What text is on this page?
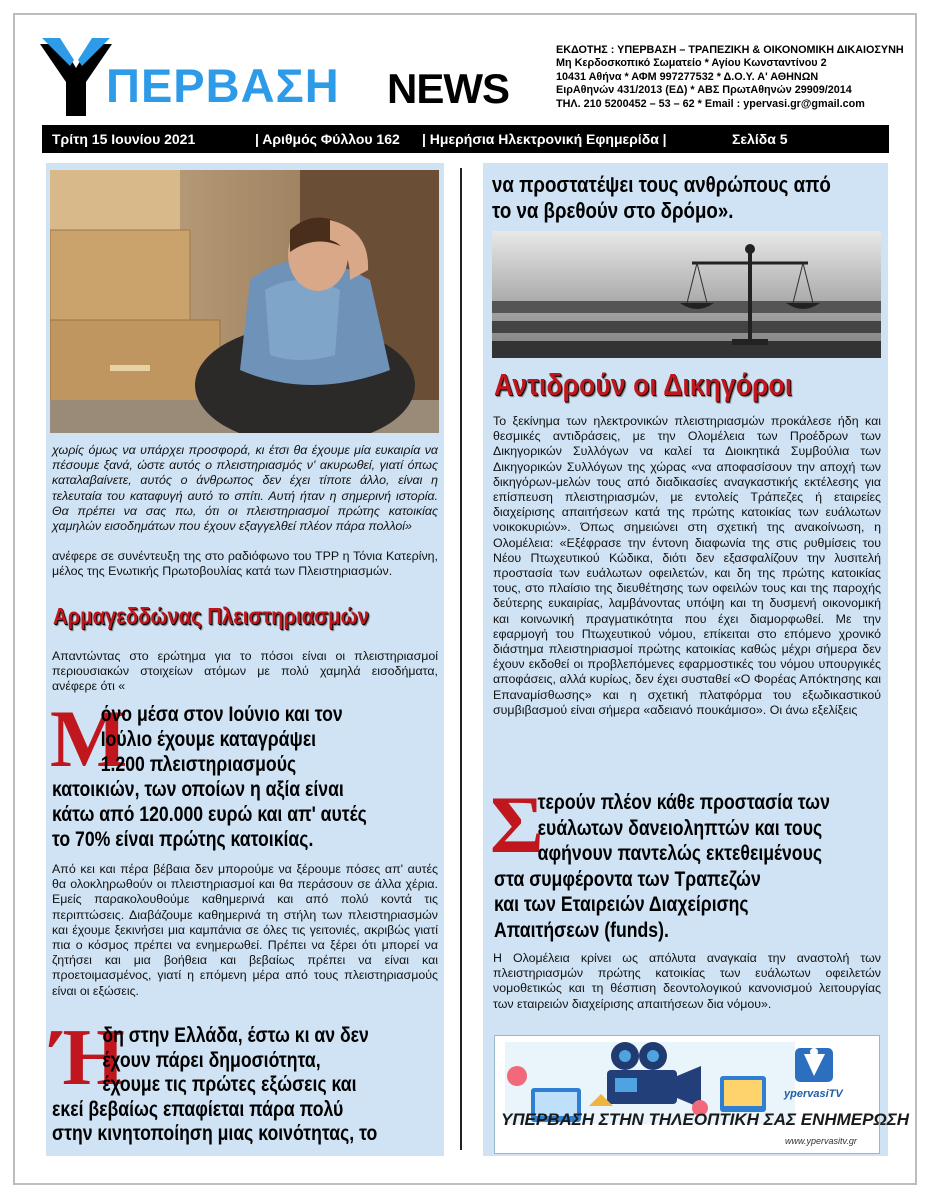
ΠΕΡΒΑΣΗ NEWS
ΕΚΔΟΤΗΣ : ΥΠΕΡΒΑΣΗ – ΤΡΑΠΕΖΙΚΗ & ΟΙΚΟΝΟΜΙΚΗ ΔΙΚΑΙΟΣΥΝΗ
Μη Κερδοσκοπικό Σωματείο * Αγίου Κωνσταντίνου 2
10431 Αθήνα * ΑΦΜ 997277532 * Δ.Ο.Υ. Α' ΑΘΗΝΩΝ
ΕιρΑθηνών 431/2013 (ΕΔ) * ΑΒΣ ΠρωτΑθηνών 29909/2014
ΤΗΛ. 210 5200452 – 53 – 62 * Email : ypervasi.gr@gmail.com
Τρίτη 15 Ιουνίου 2021	| Αριθμός Φύλλου 162 | Ημερήσια Ηλεκτρονική Εφημερίδα |	Σελίδα 5
χωρίς όμως να υπάρχει προσφορά, κι έτσι θα έχουμε μία ευκαιρία να πέσουμε ξανά, ώστε αυτός ο πλειστηριασμός ν' ακυρωθεί, γιατί όπως καταλαβαίνετε, αυτός ο άνθρωπος δεν έχει τίποτε άλλο, είναι η τελευταία του καταφυγή αυτό το σπίτι. Αυτή ήταν η σημερινή ιστορία. Θα πρέπει να σας πω, ότι οι πλειστηριασμοί πρώτης κατοικίας χαμηλών εισοδημάτων που έχουν εξαγγελθεί πλέον πάρα πολλοί»
ανέφερε σε συνέντευξη της στο ραδιόφωνο του ΤΡΡ η Τόνια Κατερίνη, μέλος της Ενωτικής Πρωτοβουλίας κατά των Πλειστηριασμών.
Αρμαγεδδώνας Πλειστηριασμών
Απαντώντας στο ερώτημα για το πόσοι είναι οι πλειστηριασμοί περιουσιακών στοιχείων ατόμων με πολύ χαμηλά εισοδήματα, ανέφερε ότι «
Μ
όνο μέσα στον Ιούνιο και τον
Ιούλιο έχουμε καταγράψει
1.200 πλειστηριασμούς
κατοικιών, των οποίων η αξία είναι
κάτω από 120.000 ευρώ και απ' αυτές
το 70% είναι πρώτης κατοικίας.
Από κει και πέρα βέβαια δεν μπορούμε να ξέρουμε πόσες απ' αυτές θα ολοκληρωθούν οι πλειστηριασμοί και θα περάσουν σε άλλα χέρια. Εμείς παρακολουθούμε καθημερινά και από πολύ κοντά τις περιπτώσεις. Διαβάζουμε καθημερινά τη στήλη των πλειστηριασμών και έχουμε ξεκινήσει μια καμπάνια σε όλες τις γειτονιές, ακριβώς γιατί πια ο κόσμος πρέπει να ενημερωθεί. Πρέπει να ξέρει ότι μπορεί να ζητήσει και μια βοήθεια και βεβαίως πρέπει να είναι και προετοιμασμένος, γιατί η επόμενη μέρα από τους πλειστηριασμούς είναι οι εξώσεις.
Ή
δη στην Ελλάδα, έστω κι αν δεν
έχουν πάρει δημοσιότητα,
έχουμε τις πρώτες εξώσεις και
εκεί βεβαίως επαφίεται πάρα πολύ
στην κινητοποίηση μιας κοινότητας, το
να προστατέψει τους ανθρώπους από
το να βρεθούν στο δρόμο».
Αντιδρούν οι Δικηγόροι
Το ξεκίνημα των ηλεκτρονικών πλειστηριασμών προκάλεσε ήδη και θεσμικές αντιδράσεις, με την Ολομέλεια των Προέδρων των Δικηγορικών Συλλόγων να καλεί τα Διοικητικά Συμβούλια των Δικηγορικών Συλλόγων της χώρας «να αποφασίσουν την αποχή των δικηγόρων-μελών τους από διαδικασίες αναγκαστικής εκτέλεσης για επίσπευση πλειστηριασμών, με εντολείς Τράπεζες ή εταιρείες διαχείρισης απαιτήσεων κατά της πρώτης κατοικίας των ευάλωτων νοικοκυριών». Όπως σημειώνει στη σχετική της ανακοίνωση, η Ολομέλεια: «Εξέφρασε την έντονη διαφωνία της στις ρυθμίσεις του Νέου Πτωχευτικού Κώδικα, διότι δεν εξασφαλίζουν την λυσιτελή προστασία των ευάλωτων οφειλετών, και δη της πρώτης κατοικίας τους, στο πλαίσιο της διευθέτησης των οφειλών τους και της παροχής δεύτερης ευκαιρίας, λαμβάνοντας υπόψη και τη δυσμενή οικονομική και κοινωνική πραγματικότητα που έχει διαμορφωθεί. Με την εφαρμογή του Πτωχευτικού νόμου, επίκειται στο επόμενο χρονικό διάστημα πλειστηριασμοί πρώτης κατοικίας καθώς μέχρι σήμερα δεν έχουν εκδοθεί οι προβλεπόμενες εφαρμοστικές του νόμου υπουργικές αποφάσεις, αλλά κυρίως, δεν έχει συσταθεί «Ο Φορέας Απόκτησης και Επαναμίσθωσης» και η σχετική πλατφόρμα του εξωδικαστικού συμβιβασμού είναι σήμερα «αδειανό πουκάμισο». Οι άνω εξελίξεις
Σ
τερούν πλέον κάθε προστασία των
ευάλωτων δανειοληπτών και τους
αφήνουν παντελώς εκτεθειμένους
στα συμφέροντα των Τραπεζών
και των Εταιρειών Διαχείρισης
Απαιτήσεων (funds).
Η Ολομέλεια κρίνει ως απόλυτα αναγκαία την αναστολή των πλειστηριασμών πρώτης κατοικίας των ευάλωτων οφειλετών νομοθετικώς και τη θέσπιση δεοντολογικού κανονισμού λειτουργίας των εταιρειών διαχείρισης απαιτήσεων δια νόμου».
ypervasiTV
ΥΠΕΡΒΑΣΗ ΣΤΗΝ ΤΗΛΕΟΠΤΙΚΗ ΣΑΣ ΕΝΗΜΕΡΩΣΗ
www.ypervasitv.gr
